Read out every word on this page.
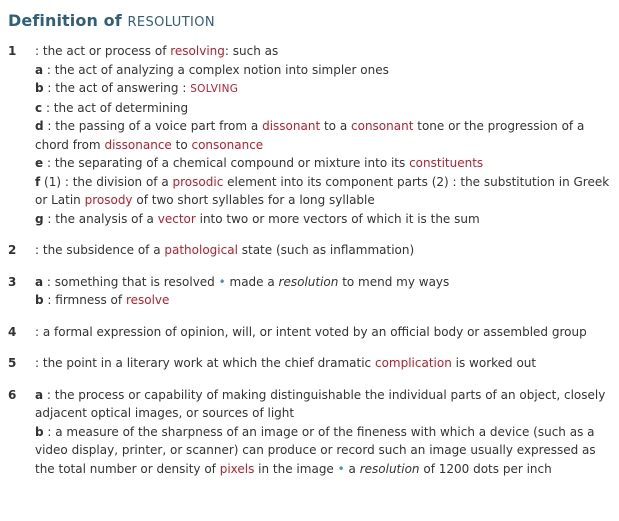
Definition of RESOLUTION
1	: the act or process of resolving: such as
a : the act of analyzing a complex notion into simpler ones
b : the act of answering : SOLVING
c : the act of determining
d : the passing of a voice part from a dissonant to a consonant tone or the progression of a chord from dissonance to consonance
e : the separating of a chemical compound or mixture into its constituents
f (1) : the division of a prosodic element into its component parts (2) : the substitution in Greek or Latin prosody of two short syllables for a long syllable
g : the analysis of a vector into two or more vectors of which it is the sum
2	: the subsidence of a pathological state (such as inflammation)
3	a : something that is resolved • made a resolution to mend my ways
b : firmness of resolve
4	: a formal expression of opinion, will, or intent voted by an official body or assembled group
5	: the point in a literary work at which the chief dramatic complication is worked out
6	a : the process or capability of making distinguishable the individual parts of an object, closely adjacent optical images, or sources of light
b : a measure of the sharpness of an image or of the fineness with which a device (such as a video display, printer, or scanner) can produce or record such an image usually expressed as the total number or density of pixels in the image • a resolution of 1200 dots per inch
